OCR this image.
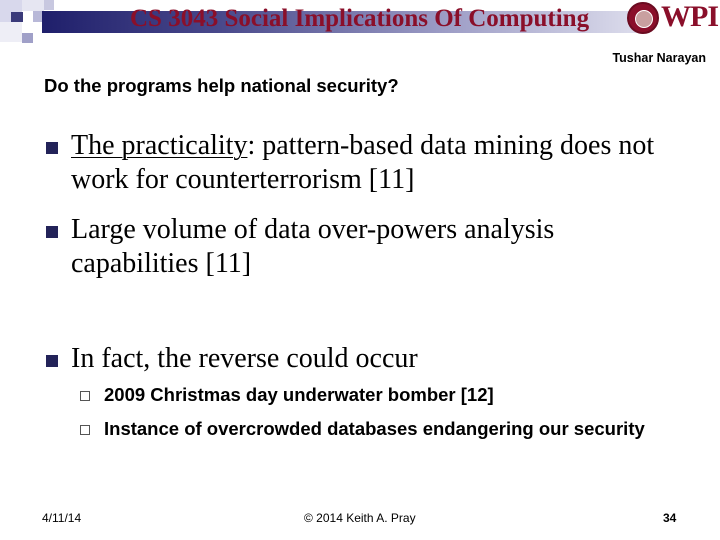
CS 3043 Social Implications Of Computing WPI
Tushar Narayan
Do the programs help national security?
The practicality: pattern-based data mining does not work for counterterrorism [11]
Large volume of data over-powers analysis capabilities [11]
In fact, the reverse could occur
2009 Christmas day underwater bomber [12]
Instance of overcrowded databases endangering our security
4/11/14	© 2014 Keith A. Pray	34
